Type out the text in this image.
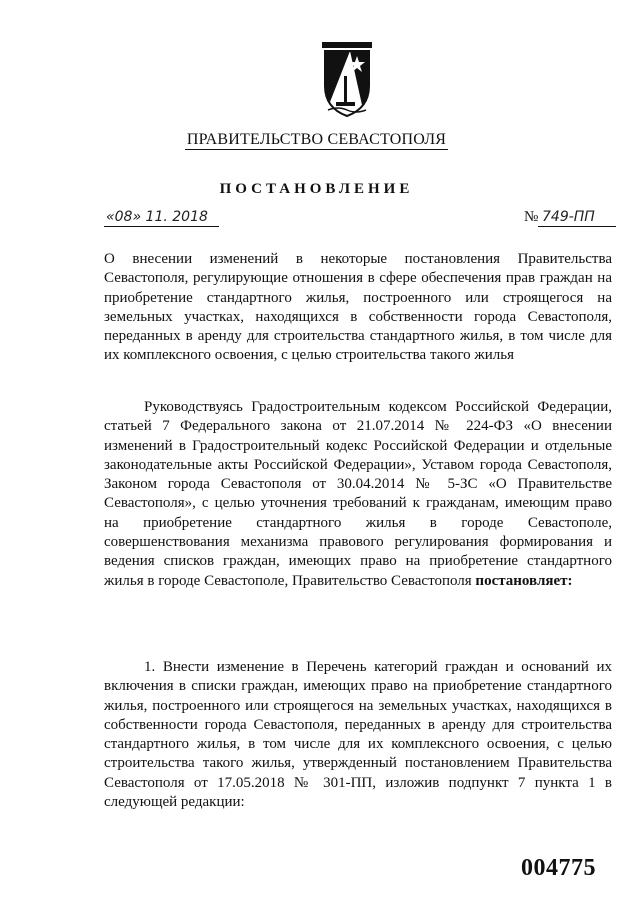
ПРАВИТЕЛЬСТВО СЕВАСТОПОЛЯ
ПОСТАНОВЛЕНИЕ
«08» 11. 2018	№ 749-ПП
О внесении изменений в некоторые постановления Правительства Севастополя, регулирующие отношения в сфере обеспечения прав граждан на приобретение стандартного жилья, построенного или строящегося на земельных участках, находящихся в собственности города Севастополя, переданных в аренду для строительства стандартного жилья, в том числе для их комплексного освоения, с целью строительства такого жилья
Руководствуясь Градостроительным кодексом Российской Федерации, статьей 7 Федерального закона от 21.07.2014 № 224-ФЗ «О внесении изменений в Градостроительный кодекс Российской Федерации и отдельные законодательные акты Российской Федерации», Уставом города Севастополя, Законом города Севастополя от 30.04.2014 № 5-ЗС «О Правительстве Севастополя», с целью уточнения требований к гражданам, имеющим право на приобретение стандартного жилья в городе Севастополе, совершенствования механизма правового регулирования формирования и ведения списков граждан, имеющих право на приобретение стандартного жилья в городе Севастополе, Правительство Севастополя постановляет:
1. Внести изменение в Перечень категорий граждан и оснований их включения в списки граждан, имеющих право на приобретение стандартного жилья, построенного или строящегося на земельных участках, находящихся в собственности города Севастополя, переданных в аренду для строительства стандартного жилья, в том числе для их комплексного освоения, с целью строительства такого жилья, утвержденный постановлением Правительства Севастополя от 17.05.2018 № 301-ПП, изложив подпункт 7 пункта 1 в следующей редакции:
004775
